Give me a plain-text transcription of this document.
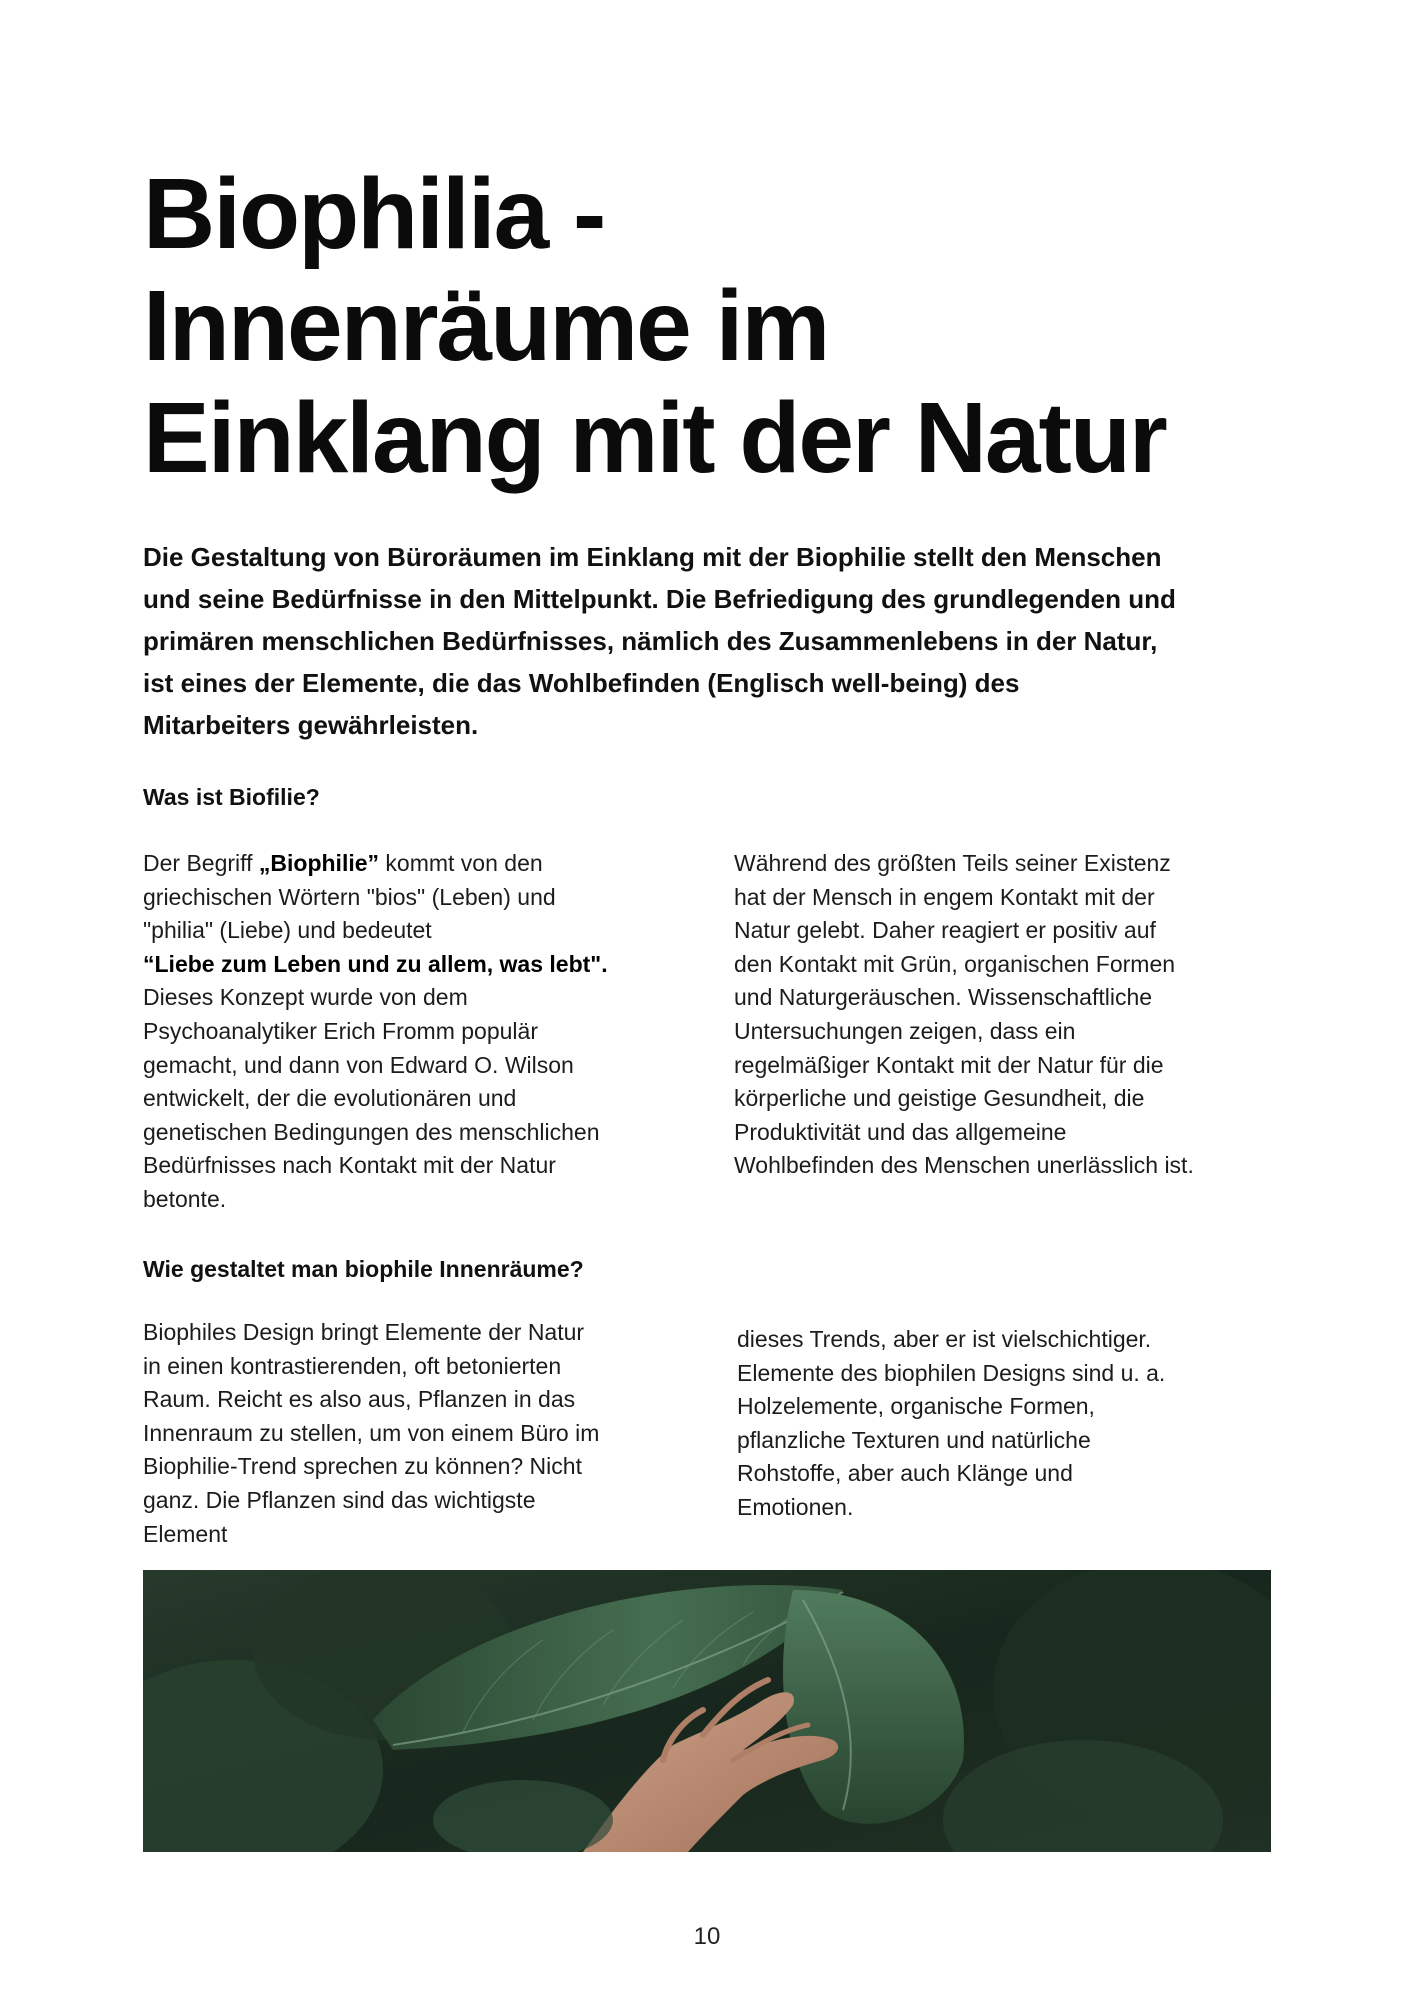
Biophilia -
Innenräume im
Einklang mit der Natur

Die Gestaltung von Büroräumen im Einklang mit der Biophilie stellt den Menschen
und seine Bedürfnisse in den Mittelpunkt. Die Befriedigung des grundlegenden und
primären menschlichen Bedürfnisses, nämlich des Zusammenlebens in der Natur,
ist eines der Elemente, die das Wohlbefinden (Englisch well-being) des
Mitarbeiters gewährleisten.

Was ist Biofilie?

Der Begriff „Biophilie” kommt von den
griechischen Wörtern "bios" (Leben) und
"philia" (Liebe) und bedeutet
“Liebe zum Leben und zu allem, was lebt".
Dieses Konzept wurde von dem
Psychoanalytiker Erich Fromm populär
gemacht, und dann von Edward O. Wilson
entwickelt, der die evolutionären und
genetischen Bedingungen des menschlichen
Bedürfnisses nach Kontakt mit der Natur
betonte.

Während des größten Teils seiner Existenz
hat der Mensch in engem Kontakt mit der
Natur gelebt. Daher reagiert er positiv auf
den Kontakt mit Grün, organischen Formen
und Naturgeräuschen. Wissenschaftliche
Untersuchungen zeigen, dass ein
regelmäßiger Kontakt mit der Natur für die
körperliche und geistige Gesundheit, die
Produktivität und das allgemeine
Wohlbefinden des Menschen unerlässlich ist.

Wie gestaltet man biophile Innenräume?

Biophiles Design bringt Elemente der Natur
in einen kontrastierenden, oft betonierten
Raum. Reicht es also aus, Pflanzen in das
Innenraum zu stellen, um von einem Büro im
Biophilie-Trend sprechen zu können? Nicht
ganz. Die Pflanzen sind das wichtigste
Element

dieses Trends, aber er ist vielschichtiger.
Elemente des biophilen Designs sind u. a.
Holzelemente, organische Formen,
pflanzliche Texturen und natürliche
Rohstoffe, aber auch Klänge und
Emotionen.

10
